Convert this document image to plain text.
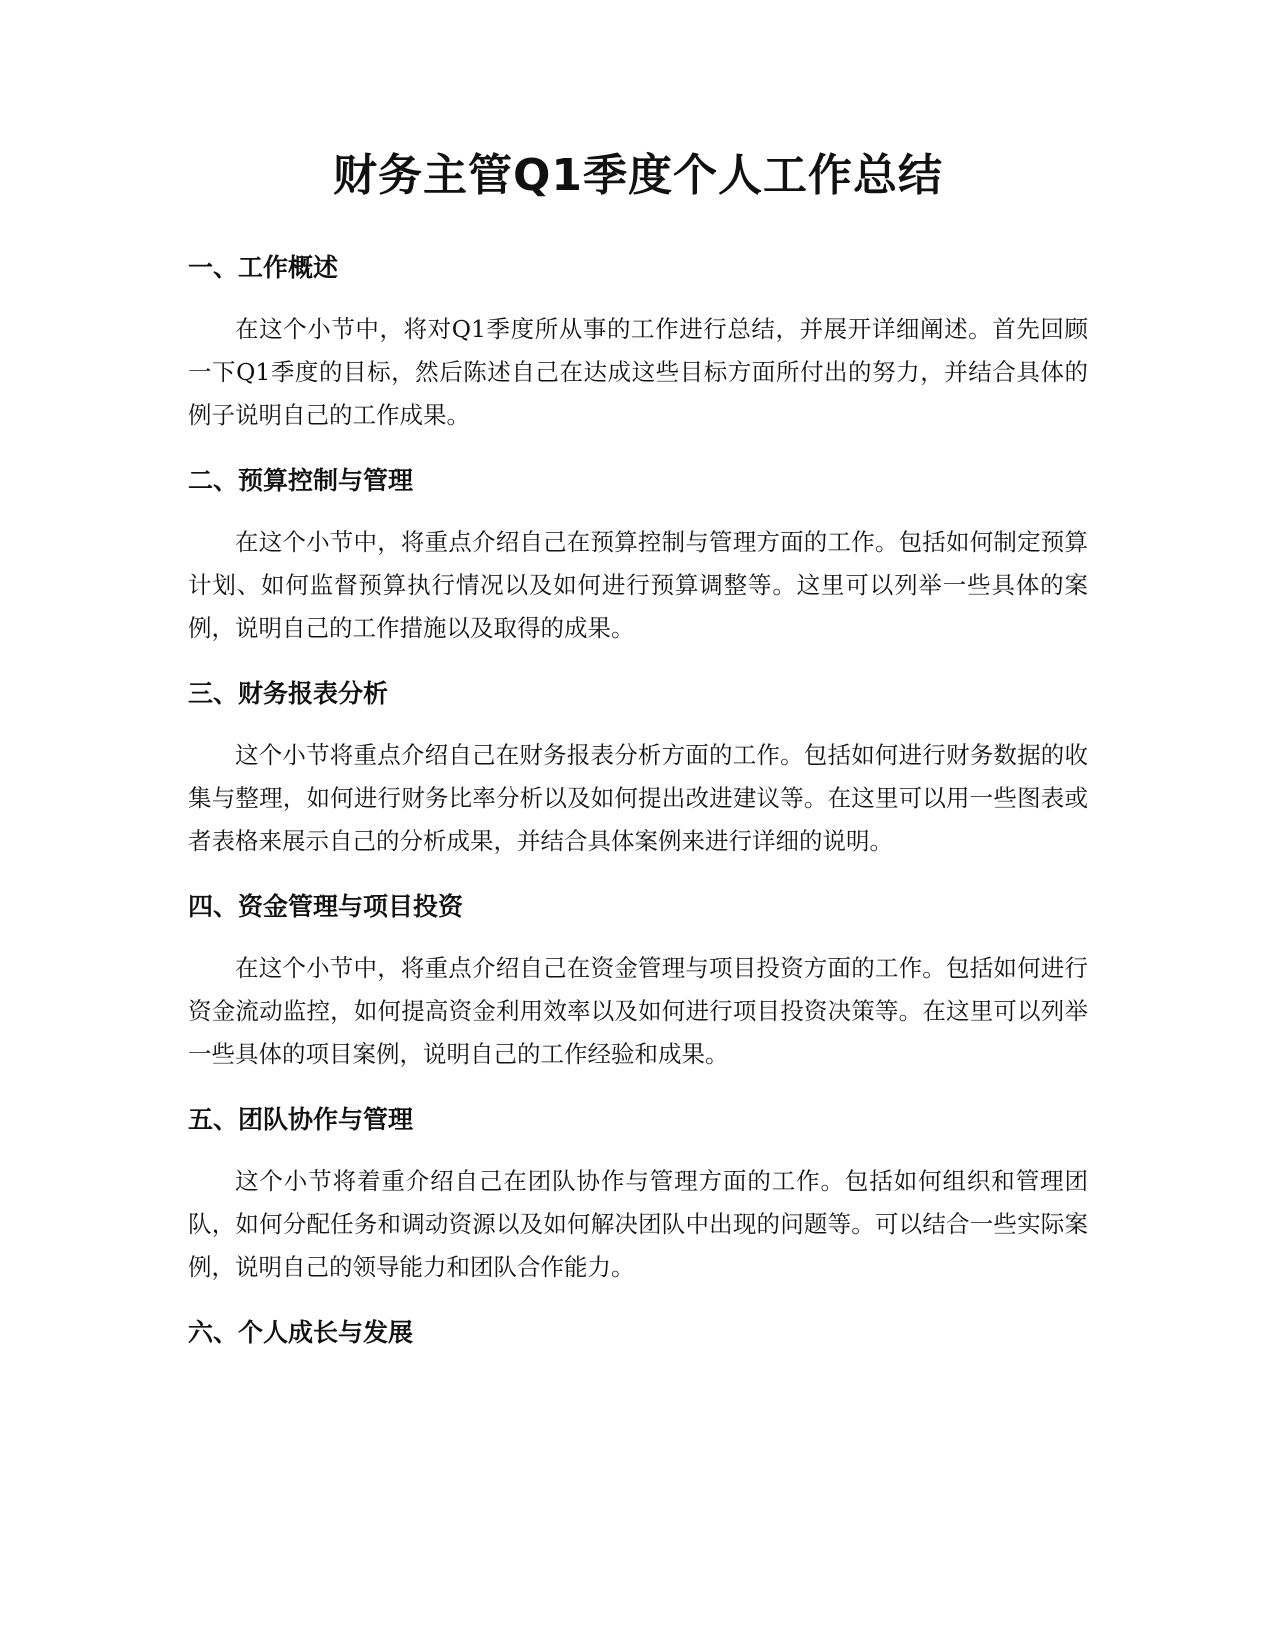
财务主管Q1季度个人工作总结
一、工作概述

在这个小节中，将对Q1季度所从事的工作进行总结，并展开详细阐述。首先回顾一下Q1季度的目标，然后陈述自己在达成这些目标方面所付出的努力，并结合具体的例子说明自己的工作成果。

二、预算控制与管理

在这个小节中，将重点介绍自己在预算控制与管理方面的工作。包括如何制定预算计划、如何监督预算执行情况以及如何进行预算调整等。这里可以列举一些具体的案例，说明自己的工作措施以及取得的成果。

三、财务报表分析

这个小节将重点介绍自己在财务报表分析方面的工作。包括如何进行财务数据的收集与整理，如何进行财务比率分析以及如何提出改进建议等。在这里可以用一些图表或者表格来展示自己的分析成果，并结合具体案例来进行详细的说明。

四、资金管理与项目投资

在这个小节中，将重点介绍自己在资金管理与项目投资方面的工作。包括如何进行资金流动监控，如何提高资金利用效率以及如何进行项目投资决策等。在这里可以列举一些具体的项目案例，说明自己的工作经验和成果。

五、团队协作与管理

这个小节将着重介绍自己在团队协作与管理方面的工作。包括如何组织和管理团队，如何分配任务和调动资源以及如何解决团队中出现的问题等。可以结合一些实际案例，说明自己的领导能力和团队合作能力。

六、个人成长与发展
